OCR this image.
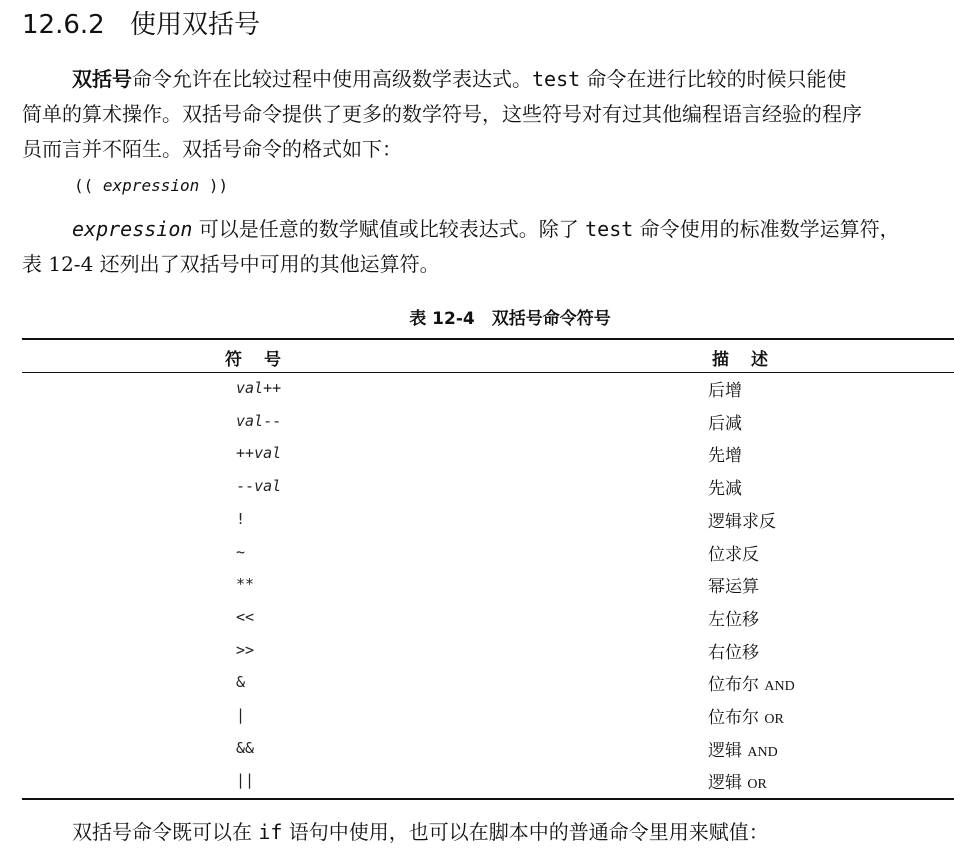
12.6.2 使用双括号
双括号命令允许在比较过程中使用高级数学表达式。test 命令在进行比较的时候只能使
简单的算术操作。双括号命令提供了更多的数学符号，这些符号对有过其他编程语言经验的程序
员而言并不陌生。双括号命令的格式如下：
(( expression ))
expression 可以是任意的数学赋值或比较表达式。除了 test 命令使用的标准数学运算符，
表 12-4 还列出了双括号中可用的其他运算符。
表 12-4　双括号命令符号
符号	描述
val++	后增
val--	后减
++val	先增
--val	先减
!	逻辑求反
~	位求反
**	幂运算
<<	左位移
>>	右位移
&	位布尔 AND
|	位布尔 OR
&&	逻辑 AND
||	逻辑 OR
双括号命令既可以在 if 语句中使用，也可以在脚本中的普通命令里用来赋值：
